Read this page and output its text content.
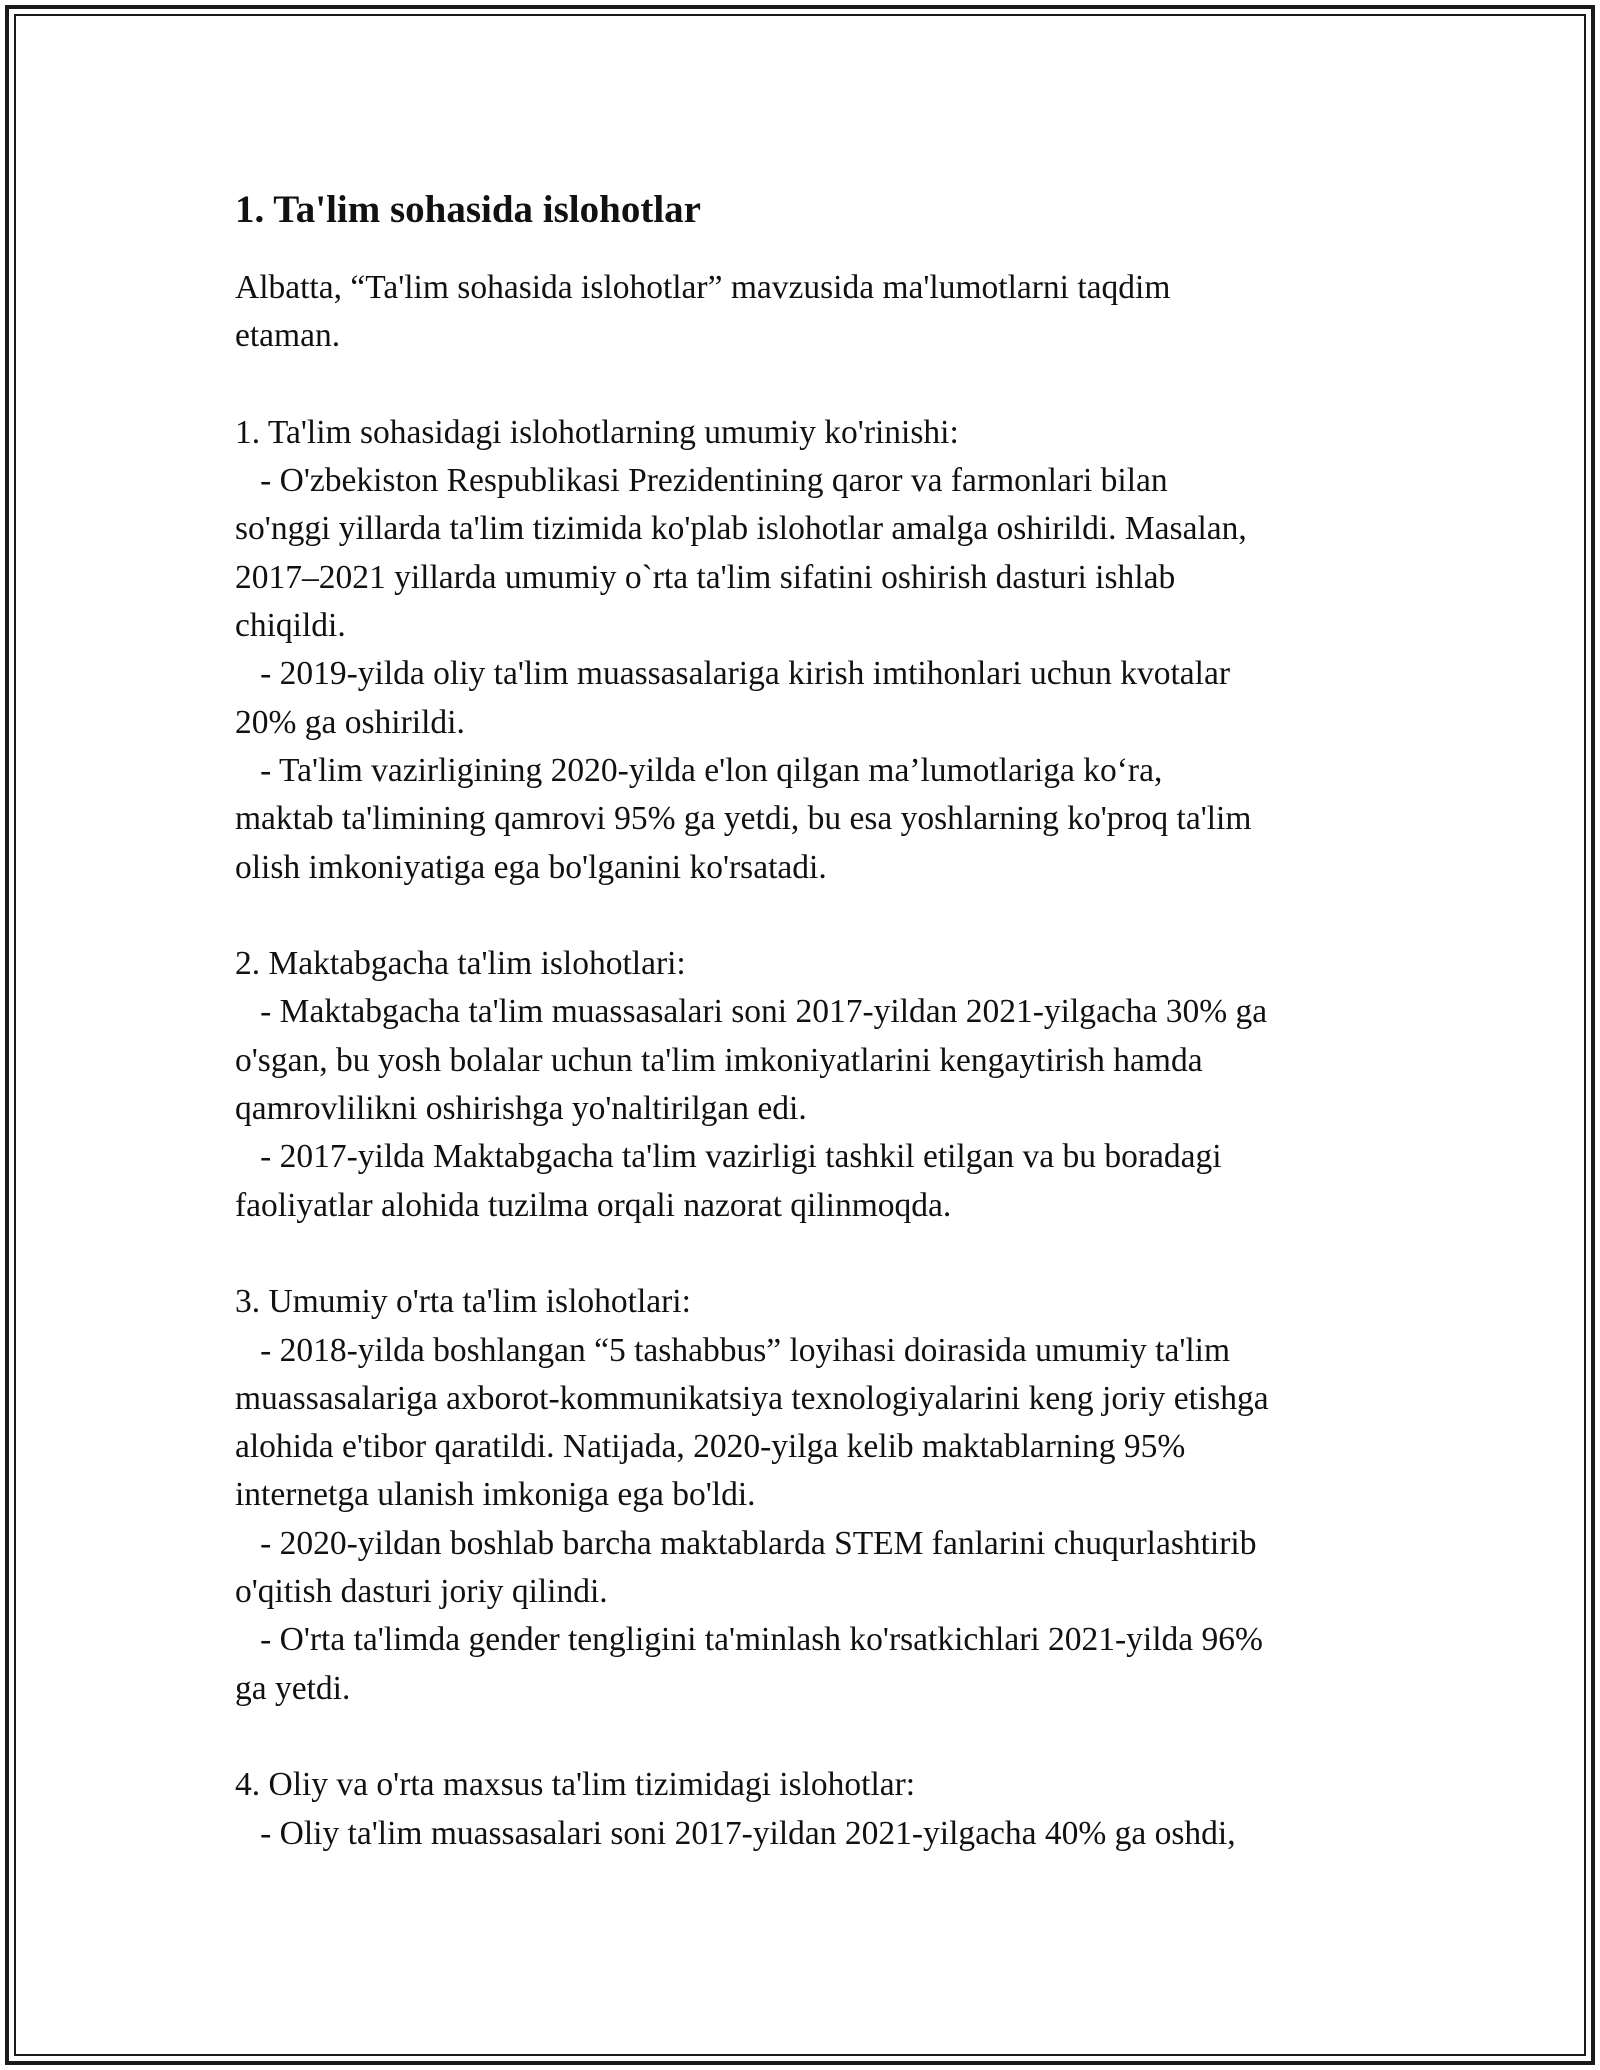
1. Ta'lim sohasida islohotlar
Albatta, “Ta'lim sohasida islohotlar” mavzusida ma'lumotlarni taqdim
etaman.
1. Ta'lim sohasidagi islohotlarning umumiy ko'rinishi:
- O'zbekiston Respublikasi Prezidentining qaror va farmonlari bilan
so'nggi yillarda ta'lim tizimida ko'plab islohotlar amalga oshirildi. Masalan,
2017–2021 yillarda umumiy o`rta ta'lim sifatini oshirish dasturi ishlab
chiqildi.
- 2019-yilda oliy ta'lim muassasalariga kirish imtihonlari uchun kvotalar
20% ga oshirildi.
- Ta'lim vazirligining 2020-yilda e'lon qilgan ma’lumotlariga ko‘ra,
maktab ta'limining qamrovi 95% ga yetdi, bu esa yoshlarning ko'proq ta'lim
olish imkoniyatiga ega bo'lganini ko'rsatadi.
2. Maktabgacha ta'lim islohotlari:
- Maktabgacha ta'lim muassasalari soni 2017-yildan 2021-yilgacha 30% ga
o'sgan, bu yosh bolalar uchun ta'lim imkoniyatlarini kengaytirish hamda
qamrovlilikni oshirishga yo'naltirilgan edi.
- 2017-yilda Maktabgacha ta'lim vazirligi tashkil etilgan va bu boradagi
faoliyatlar alohida tuzilma orqali nazorat qilinmoqda.
3. Umumiy o'rta ta'lim islohotlari:
- 2018-yilda boshlangan “5 tashabbus” loyihasi doirasida umumiy ta'lim
muassasalariga axborot-kommunikatsiya texnologiyalarini keng joriy etishga
alohida e'tibor qaratildi. Natijada, 2020-yilga kelib maktablarning 95%
internetga ulanish imkoniga ega bo'ldi.
- 2020-yildan boshlab barcha maktablarda STEM fanlarini chuqurlashtirib
o'qitish dasturi joriy qilindi.
- O'rta ta'limda gender tengligini ta'minlash ko'rsatkichlari 2021-yilda 96%
ga yetdi.
4. Oliy va o'rta maxsus ta'lim tizimidagi islohotlar:
- Oliy ta'lim muassasalari soni 2017-yildan 2021-yilgacha 40% ga oshdi,
